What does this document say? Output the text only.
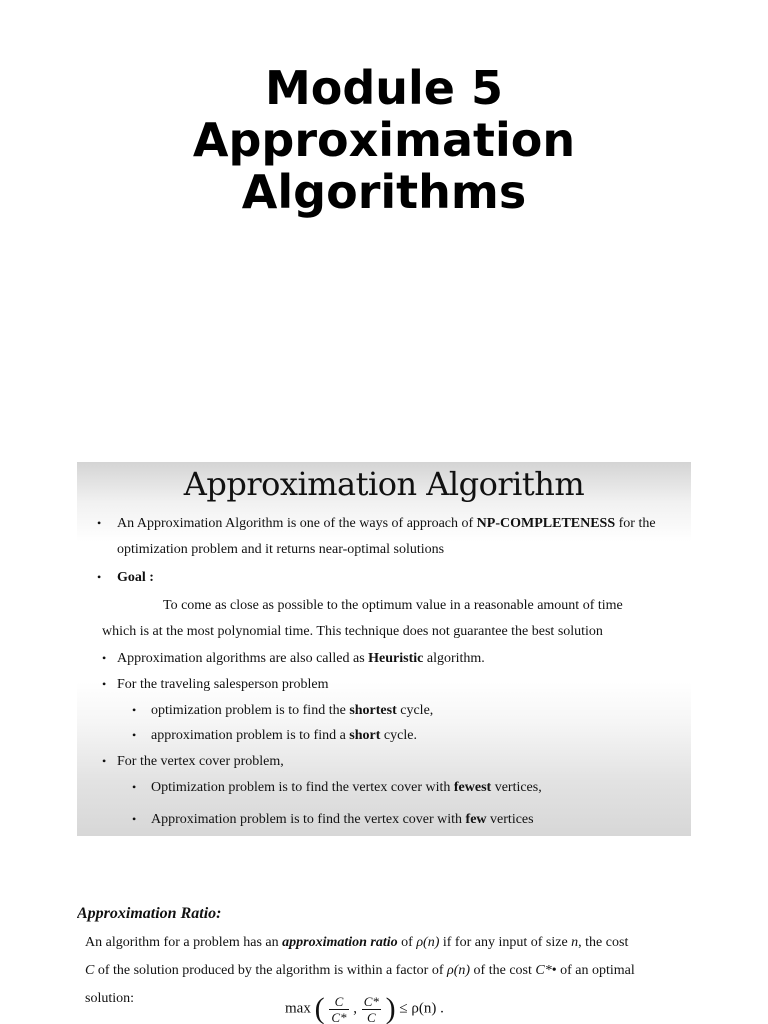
Module 5
Approximation
Algorithms
Approximation Algorithm
• An Approximation Algorithm is one of the ways of approach of NP-COMPLETENESS for the
optimization problem and it returns near-optimal solutions
• Goal :
To come as close as possible to the optimum value in a reasonable amount of time
which is at the most polynomial time. This technique does not guarantee the best solution
• Approximation algorithms are also called as Heuristic algorithm.
• For the traveling salesperson problem
• optimization problem is to find the shortest cycle,
• approximation problem is to find a short cycle.
• For the vertex cover problem,
• Optimization problem is to find the vertex cover with fewest vertices,
• Approximation problem is to find the vertex cover with few vertices
Approximation Ratio:
An algorithm for a problem has an approximation ratio of ρ(n) if for any input of size n, the cost
C of the solution produced by the algorithm is within a factor of ρ(n) of the cost C*• of an optimal
solution:
max ( $\frac{C}{C*}$ , $\frac{C*}{C}$ ) ≤ ρ(n) .
